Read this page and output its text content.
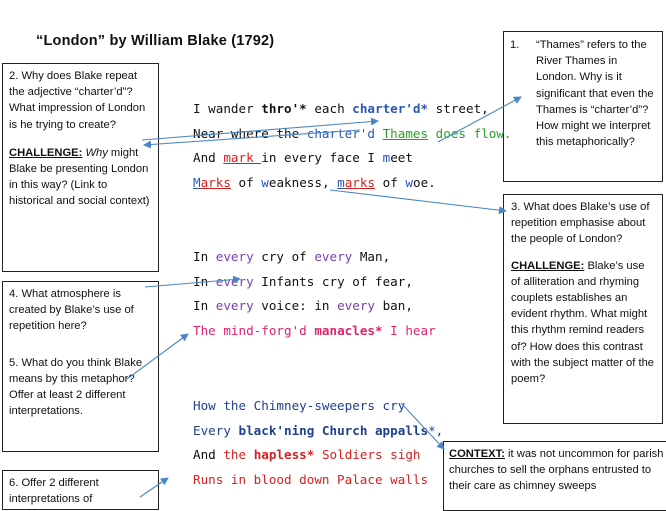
“London” by William Blake (1792)

2. Why does Blake repeat the adjective “charter’d”? What impression of London is he trying to create?

CHALLENGE: Why might Blake be presenting London in this way? (Link to historical and social context)

1.	“Thames” refers to the River Thames in London. Why is it significant that even the Thames is “charter’d”? How might we interpret this metaphorically?

3. What does Blake’s use of repetition emphasise about the people of London?

CHALLENGE: Blake’s use of alliteration and rhyming couplets establishes an evident rhythm. What might this rhythm remind readers of? How does this contrast with the subject matter of the poem?

4. What atmosphere is created by Blake’s use of repetition here?

5. What do you think Blake means by this metaphor? Offer at least 2 different interpretations.

6. Offer 2 different interpretations of

CONTEXT: it was not uncommon for parish churches to sell the orphans entrusted to their care as chimney sweeps

I wander thro'* each charter'd* street,
Near where the charter'd Thames does flow.
And mark in every face I meet
Marks of weakness, marks of woe.
In every cry of every Man,
In every Infants cry of fear,
In every voice: in every ban,
The mind-forg'd manacles* I hear
How the Chimney-sweepers cry
Every black'ning Church appalls*,
And the hapless* Soldiers sigh
Runs in blood down Palace walls
